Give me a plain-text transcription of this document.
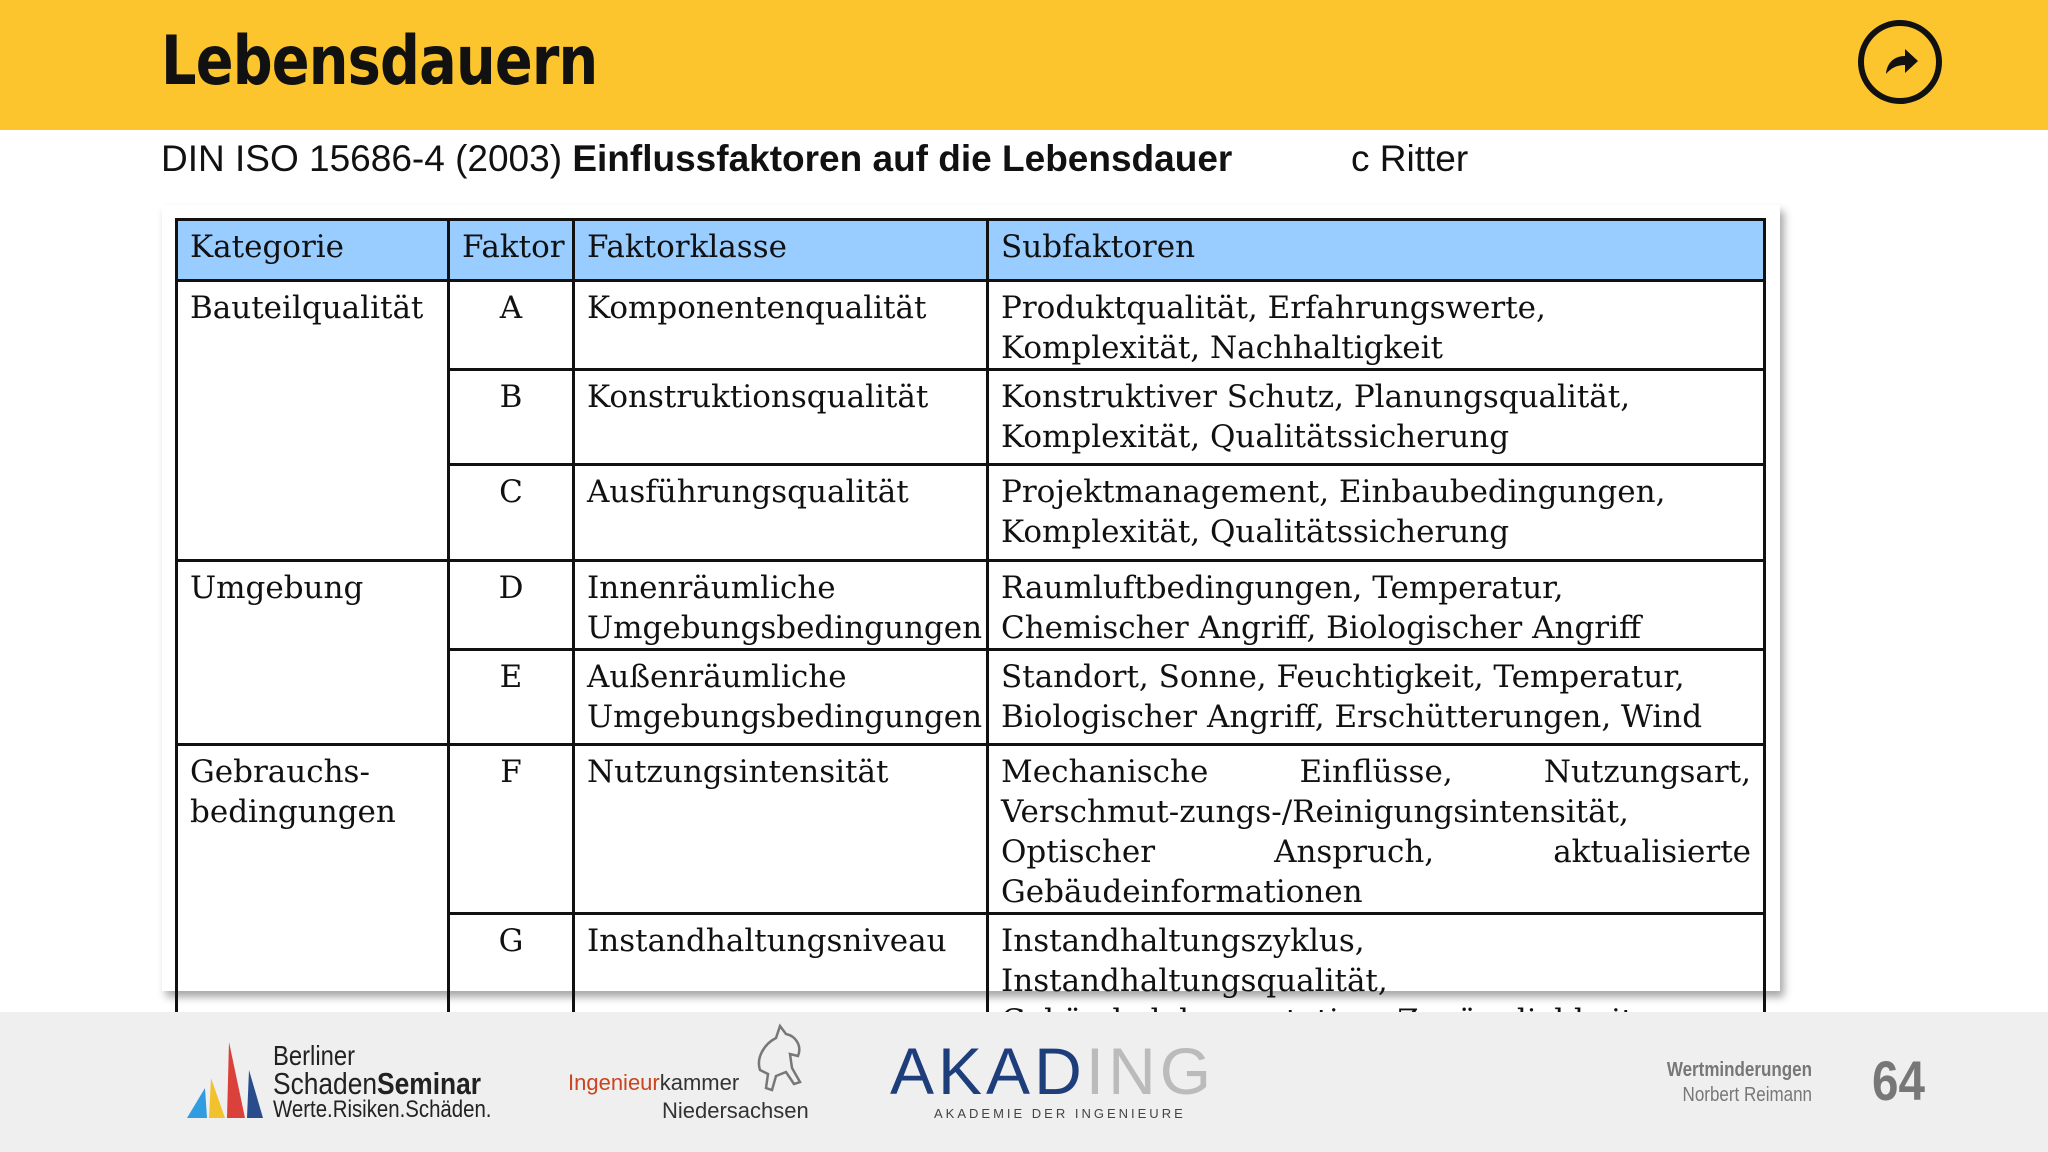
Lebensdauern
DIN ISO 15686-4 (2003) Einflussfaktoren auf die Lebensdauer	c Ritter
Kategorie	Faktor	Faktorklasse	Subfaktoren
Bauteilqualität	A	Komponentenqualität	Produktqualität, Erfahrungswerte, Komplexität, Nachhaltigkeit
	B	Konstruktionsqualität	Konstruktiver Schutz, Planungsqualität, Komplexität, Qualitätssicherung
	C	Ausführungsqualität	Projektmanagement, Einbaubedingungen, Komplexität, Qualitätssicherung
Umgebung	D	Innenräumliche Umgebungsbedingungen	Raumluftbedingungen, Temperatur, Chemischer Angriff, Biologischer Angriff
	E	Außenräumliche Umgebungsbedingungen	Standort, Sonne, Feuchtigkeit, Temperatur, Biologischer Angriff, Erschütterungen, Wind
Gebrauchs-
bedingungen	F	Nutzungsintensität	Mechanische Einflüsse, Nutzungsart, Verschmut-zungs-/Reinigungsintensität, Optischer Anspruch, aktualisierte Gebäudeinformationen
	G	Instandhaltungsniveau	Instandhaltungszyklus, Instandhaltungsqualität,
Berliner
SchadenSeminar
Werte.Risiken.Schäden.
Ingenieurkammer
Niedersachsen
AKADING
AKADEMIE DER INGENIEURE
Wertminderungen
Norbert Reimann 64
